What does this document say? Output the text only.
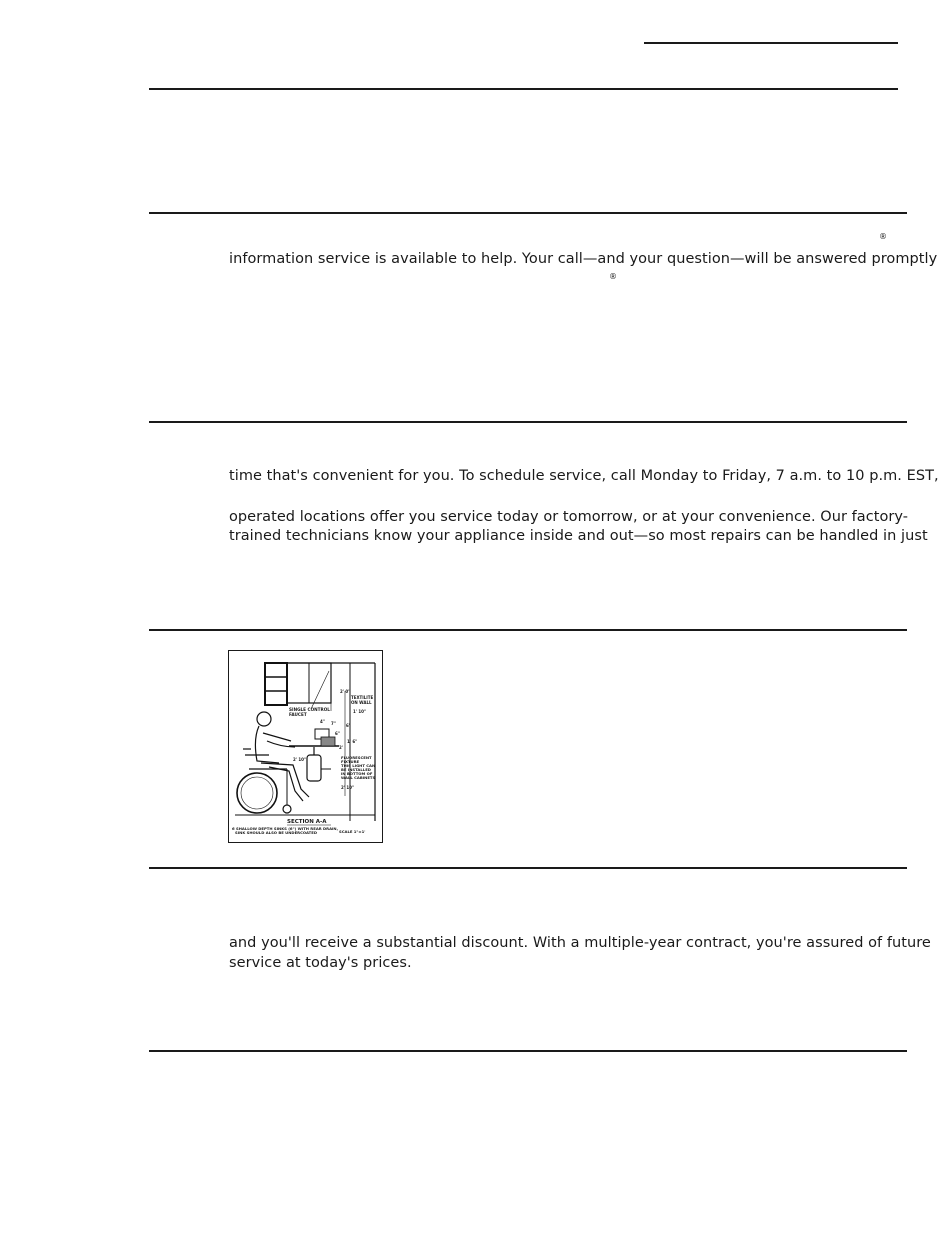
®
information service is available to help. Your call—and your question—will be answered promptly
®
time that's convenient for you. To schedule service, call Monday to Friday, 7 a.m. to 10 p.m. EST,
operated locations offer you service today or tomorrow, or at your convenience. Our factory-
trained technicians know your appliance inside and out—so most repairs can be handled in just
SINGLE CONTROL
FAUCET
TEXTILITE
ON WALL
FLUORESCENT
FIXTURE
THIS LIGHT CAN
BE INSTALLED
IN BOTTOM OF
WALL CABINETS
2' 0"
1' 10"
4"
6"
1' 6"
2'
2' 10"
2' 10"
6"
7"
SECTION A-A
6 SHALLOW DEPTH SINKS (6") WITH REAR DRAIN,
SINK SHOULD ALSO BE UNDERCOATED	SCALE 1"=1'
and you'll receive a substantial discount. With a multiple-year contract, you're assured of future
service at today's prices.
